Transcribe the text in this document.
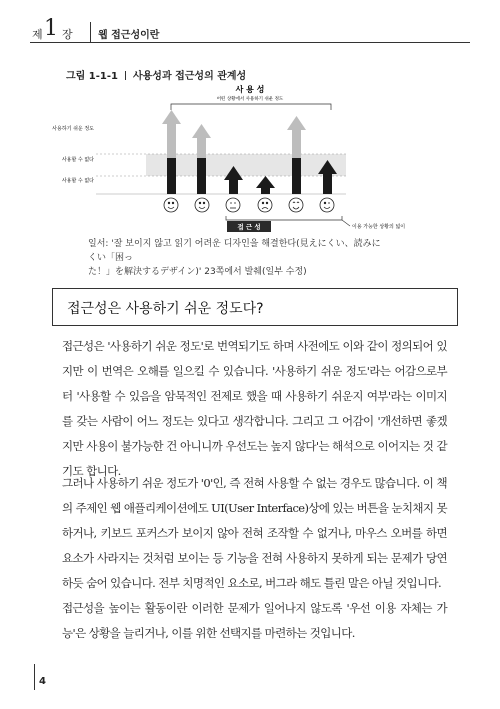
제 1 장	웹 접근성이란
그림 1-1-1 사용성과 접근성의 관계성
사용하기 쉬운 정도
사용할 수 없다
사용할 수 없다
사 용 성
어떤 상황에서 사용하기 쉬운 정도
접 근 성	이용 가능한 상황의 넓이
일서: '잘 보이지 않고 읽기 어려운 디자인을 해결한다(見えにくい、読みにくい「困っ
た！」を解決するデザイン)' 23쪽에서 발췌(일부 수정)
접근성은 사용하기 쉬운 정도다?

접근성은 '사용하기 쉬운 정도'로 번역되기도 하며 사전에도 이와 같이 정의되어 있지만 이 번역은 오해를 일으킬 수 있습니다. '사용하기 쉬운 정도'라는 어감으로부터 '사용할 수 있음을 암묵적인 전제로 했을 때 사용하기 쉬운지 여부'라는 이미지를 갖는 사람이 어느 정도는 있다고 생각합니다. 그리고 그 어감이 '개선하면 좋겠지만 사용이 불가능한 건 아니니까 우선도는 높지 않다'는 해석으로 이어지는 것 같기도 합니다.

그러나 사용하기 쉬운 정도가 '0'인, 즉 전혀 사용할 수 없는 경우도 많습니다. 이 책의 주제인 웹 애플리케이션에도 UI(User Interface)상에 있는 버튼을 눈치채지 못하거나, 키보드 포커스가 보이지 않아 전혀 조작할 수 없거나, 마우스 오버를 하면 요소가 사라지는 것처럼 보이는 등 기능을 전혀 사용하지 못하게 되는 문제가 당연하듯 숨어 있습니다. 전부 치명적인 요소로, 버그라 해도 틀린 말은 아닐 것입니다.

접근성을 높이는 활동이란 이러한 문제가 일어나지 않도록 '우선 이용 자체는 가능'은 상황을 늘리거나, 이를 위한 선택지를 마련하는 것입니다.

4
